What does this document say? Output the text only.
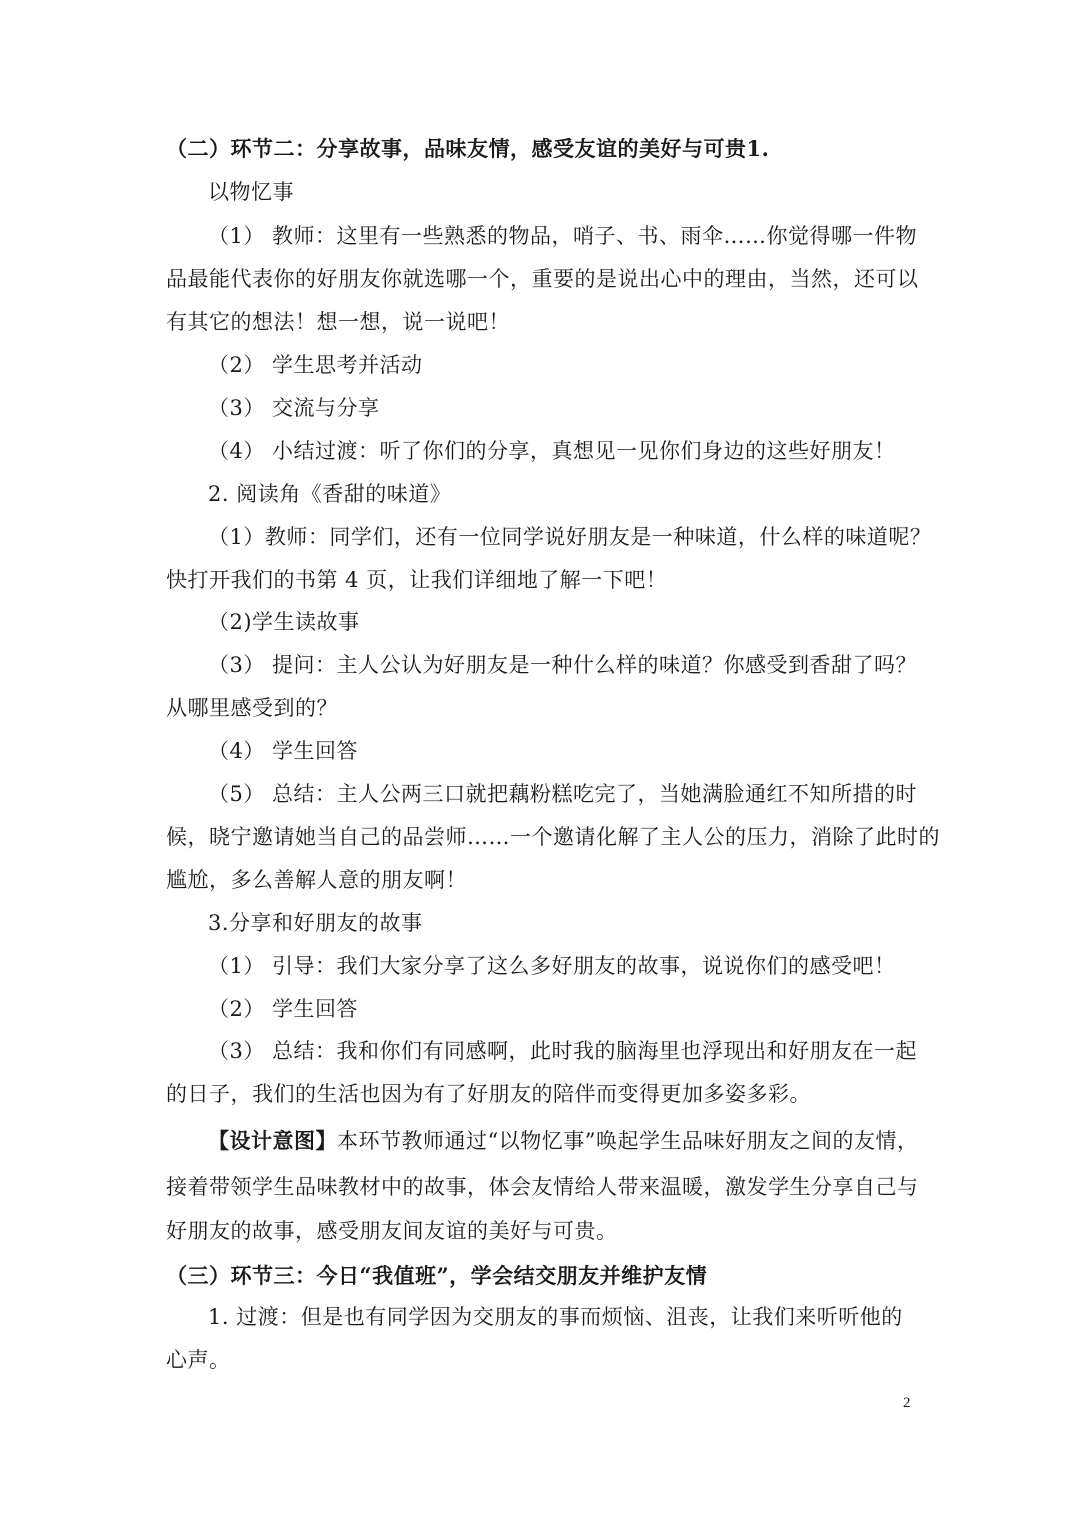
（二）环节二：分享故事，品味友情，感受友谊的美好与可贵1.
以物忆事
（1） 教师：这里有一些熟悉的物品，哨子、书、雨伞……你觉得哪一件物
品最能代表你的好朋友你就选哪一个，重要的是说出心中的理由，当然，还可以
有其它的想法！想一想，说一说吧！
（2） 学生思考并活动
（3） 交流与分享
（4） 小结过渡：听了你们的分享，真想见一见你们身边的这些好朋友！
2. 阅读角《香甜的味道》
（1）教师：同学们，还有一位同学说好朋友是一种味道，什么样的味道呢？
快打开我们的书第 4 页，让我们详细地了解一下吧！
（2)学生读故事
（3） 提问：主人公认为好朋友是一种什么样的味道？你感受到香甜了吗？
从哪里感受到的？
（4） 学生回答
（5） 总结：主人公两三口就把藕粉糕吃完了，当她满脸通红不知所措的时
候，晓宁邀请她当自己的品尝师……一个邀请化解了主人公的压力，消除了此时的
尴尬，多么善解人意的朋友啊！
3.分享和好朋友的故事
（1） 引导：我们大家分享了这么多好朋友的故事，说说你们的感受吧！
（2） 学生回答
（3） 总结：我和你们有同感啊，此时我的脑海里也浮现出和好朋友在一起
的日子，我们的生活也因为有了好朋友的陪伴而变得更加多姿多彩。
【设计意图】本环节教师通过“以物忆事”唤起学生品味好朋友之间的友情，
接着带领学生品味教材中的故事，体会友情给人带来温暖，激发学生分享自己与
好朋友的故事，感受朋友间友谊的美好与可贵。
（三）环节三：今日“我值班”，学会结交朋友并维护友情
1. 过渡：但是也有同学因为交朋友的事而烦恼、沮丧，让我们来听听他的
心声。
2
